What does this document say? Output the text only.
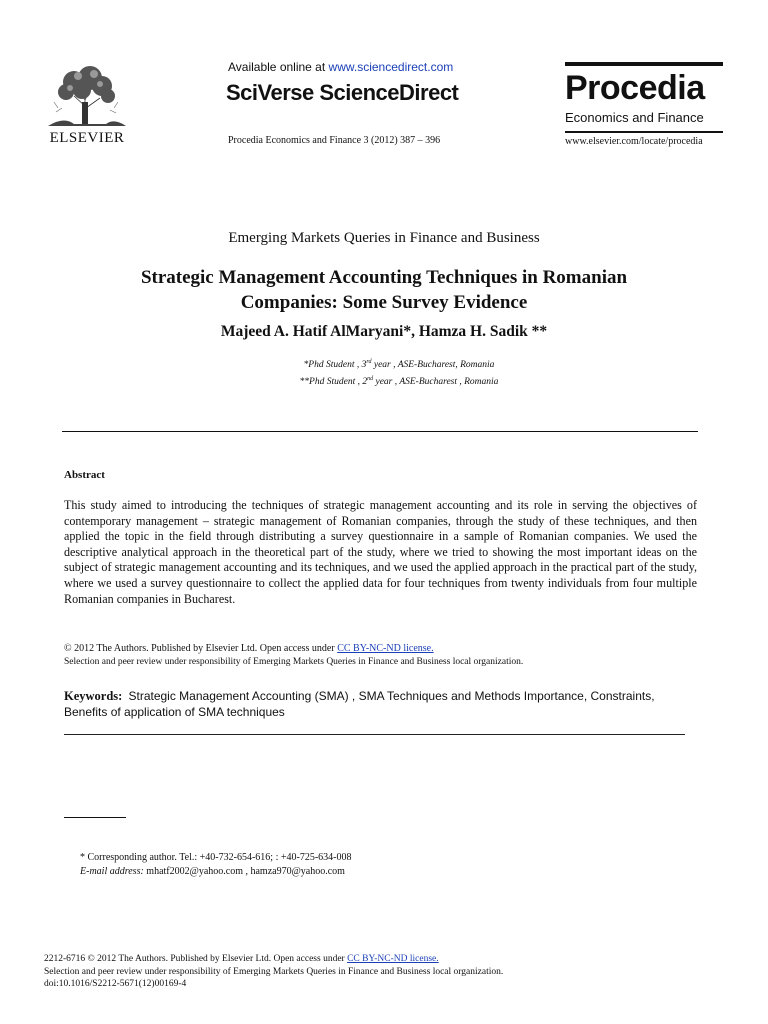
ELSEVIER
Available online at www.sciencedirect.com
SciVerse ScienceDirect
Procedia Economics and Finance 3 (2012) 387 – 396
Procedia
Economics and Finance
www.elsevier.com/locate/procedia
Emerging Markets Queries in Finance and Business
Strategic Management Accounting Techniques in Romanian
Companies: Some Survey Evidence
Majeed A. Hatif AlMaryani*, Hamza H. Sadik **
*Phd Student , 3rd year , ASE-Bucharest, Romania
**Phd Student , 2nd year , ASE-Bucharest , Romania
Abstract
This study aimed to introducing the techniques of strategic management accounting and its role in serving the objectives of contemporary management – strategic management of Romanian companies, through the study of these techniques, and then applied the topic in the field through distributing a survey questionnaire in a sample of Romanian companies. We used the descriptive analytical approach in the theoretical part of the study, where we tried to showing the most important ideas on the subject of strategic management accounting and its techniques, and we used the applied approach in the practical part of the study, where we used a survey questionnaire to collect the applied data for four techniques from twenty individuals from four multiple Romanian companies in Bucharest.
© 2012 The Authors. Published by Elsevier Ltd. Open access under CC BY-NC-ND license.
Selection and peer review under responsibility of Emerging Markets Queries in Finance and Business local organization.
Keywords: Strategic Management Accounting (SMA) , SMA Techniques and Methods Importance, Constraints, Benefits of application of SMA techniques
* Corresponding author. Tel.: +40-732-654-616; : +40-725-634-008
E-mail address: mhatf2002@yahoo.com , hamza970@yahoo.com
2212-6716 © 2012 The Authors. Published by Elsevier Ltd. Open access under CC BY-NC-ND license.
Selection and peer review under responsibility of Emerging Markets Queries in Finance and Business local organization.
doi:10.1016/S2212-5671(12)00169-4
